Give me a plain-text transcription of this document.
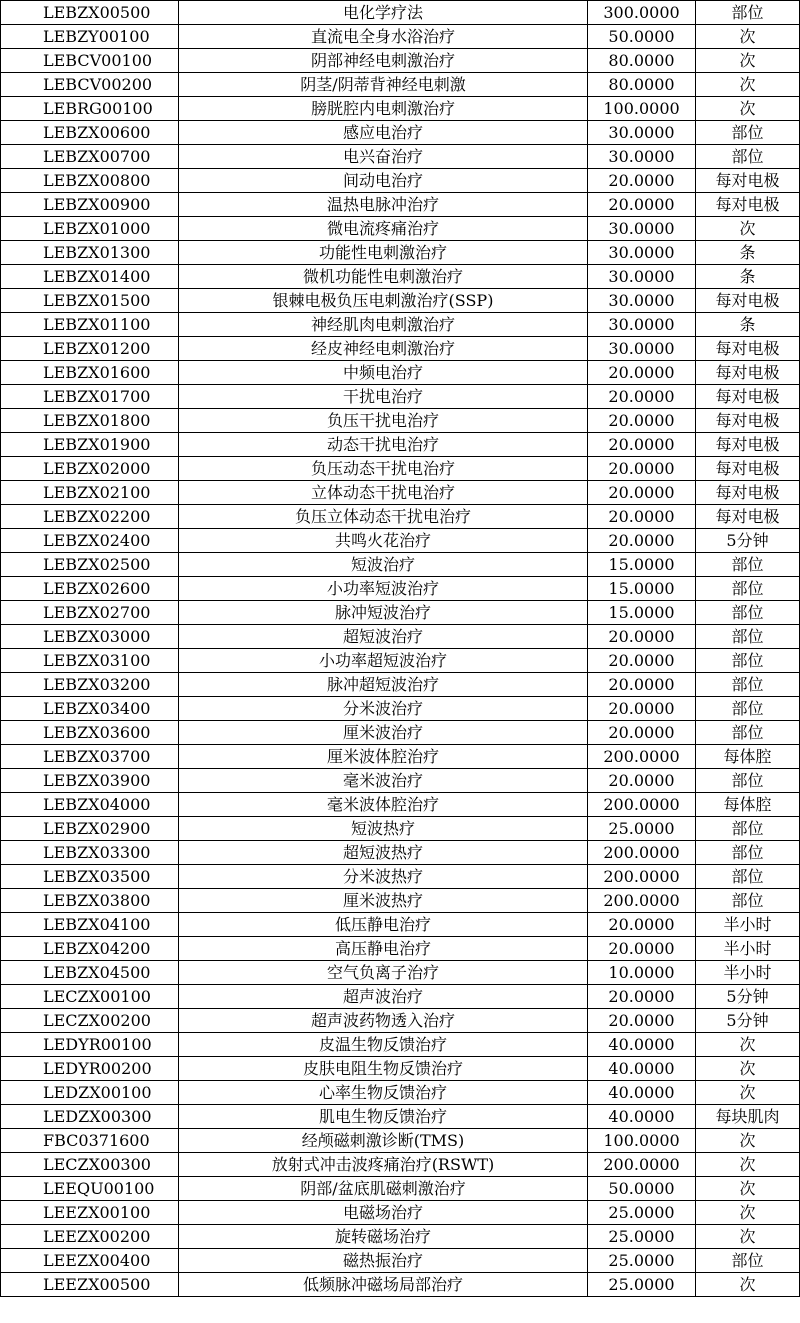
LEBZX00500	电化学疗法	300.0000	部位
LEBZY00100	直流电全身水浴治疗	50.0000	次
LEBCV00100	阴部神经电刺激治疗	80.0000	次
LEBCV00200	阴茎/阴蒂背神经电刺激	80.0000	次
LEBRG00100	膀胱腔内电刺激治疗	100.0000	次
LEBZX00600	感应电治疗	30.0000	部位
LEBZX00700	电兴奋治疗	30.0000	部位
LEBZX00800	间动电治疗	20.0000	每对电极
LEBZX00900	温热电脉冲治疗	20.0000	每对电极
LEBZX01000	微电流疼痛治疗	30.0000	次
LEBZX01300	功能性电刺激治疗	30.0000	条
LEBZX01400	微机功能性电刺激治疗	30.0000	条
LEBZX01500	银棘电极负压电刺激治疗(SSP)	30.0000	每对电极
LEBZX01100	神经肌肉电刺激治疗	30.0000	条
LEBZX01200	经皮神经电刺激治疗	30.0000	每对电极
LEBZX01600	中频电治疗	20.0000	每对电极
LEBZX01700	干扰电治疗	20.0000	每对电极
LEBZX01800	负压干扰电治疗	20.0000	每对电极
LEBZX01900	动态干扰电治疗	20.0000	每对电极
LEBZX02000	负压动态干扰电治疗	20.0000	每对电极
LEBZX02100	立体动态干扰电治疗	20.0000	每对电极
LEBZX02200	负压立体动态干扰电治疗	20.0000	每对电极
LEBZX02400	共鸣火花治疗	20.0000	5分钟
LEBZX02500	短波治疗	15.0000	部位
LEBZX02600	小功率短波治疗	15.0000	部位
LEBZX02700	脉冲短波治疗	15.0000	部位
LEBZX03000	超短波治疗	20.0000	部位
LEBZX03100	小功率超短波治疗	20.0000	部位
LEBZX03200	脉冲超短波治疗	20.0000	部位
LEBZX03400	分米波治疗	20.0000	部位
LEBZX03600	厘米波治疗	20.0000	部位
LEBZX03700	厘米波体腔治疗	200.0000	每体腔
LEBZX03900	毫米波治疗	20.0000	部位
LEBZX04000	毫米波体腔治疗	200.0000	每体腔
LEBZX02900	短波热疗	25.0000	部位
LEBZX03300	超短波热疗	200.0000	部位
LEBZX03500	分米波热疗	200.0000	部位
LEBZX03800	厘米波热疗	200.0000	部位
LEBZX04100	低压静电治疗	20.0000	半小时
LEBZX04200	高压静电治疗	20.0000	半小时
LEBZX04500	空气负离子治疗	10.0000	半小时
LECZX00100	超声波治疗	20.0000	5分钟
LECZX00200	超声波药物透入治疗	20.0000	5分钟
LEDYR00100	皮温生物反馈治疗	40.0000	次
LEDYR00200	皮肤电阻生物反馈治疗	40.0000	次
LEDZX00100	心率生物反馈治疗	40.0000	次
LEDZX00300	肌电生物反馈治疗	40.0000	每块肌肉
FBC0371600	经颅磁刺激诊断(TMS)	100.0000	次
LECZX00300	放射式冲击波疼痛治疗(RSWT)	200.0000	次
LEEQU00100	阴部/盆底肌磁刺激治疗	50.0000	次
LEEZX00100	电磁场治疗	25.0000	次
LEEZX00200	旋转磁场治疗	25.0000	次
LEEZX00400	磁热振治疗	25.0000	部位
LEEZX00500	低频脉冲磁场局部治疗	25.0000	次
